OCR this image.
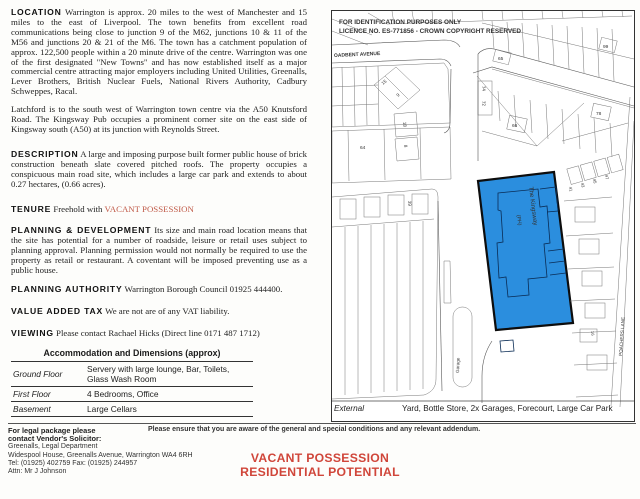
LOCATION Warrington is approx. 20 miles to the west of Manchester and 15 miles to the east of Liverpool. The town benefits from excellent road communications being close to junction 9 of the M62, junctions 10 & 11 of the M56 and junctions 20 & 21 of the M6. The town has a catchment population of approx. 122,500 people within a 20 minute drive of the centre. Warrington was one of the first designated "New Towns" and has now established itself as a major commercial centre attracting major employers including United Utilities, Greenalls, Lever Brothers, British Nuclear Fuels, National Rivers Authority, Cadbury Schweppes, Racal.

Latchford is to the south west of Warrington town centre via the A50 Knutsford Road. The Kingsway Pub occupies a prominent corner site on the east side of Kingsway south (A50) at its junction with Reynolds Street.

DESCRIPTION A large and imposing purpose built former public house of brick construction beneath slate covered pitched roofs. The property occupies a conspicuous main road site, which includes a large car park and extends to about 0.27 hectares, (0.66 acres).

TENURE Freehold with VACANT POSSESSION

PLANNING & DEVELOPMENT Its size and main road location means that the site has potential for a number of roadside, leisure or retail uses subject to planning approval. Planning permission would not normally be required to use the property as retail or restaurant. A coventant will be imposed preventing use as a public house.

PLANNING AUTHORITY Warrington Borough Council 01925 444400.

VALUE ADDED TAX We are not are of any VAT liability.

VIEWING Please contact Rachael Hicks (Direct line 0171 487 1712)

Accommodation and Dimensions (approx)
Ground Floor	Servery with large lounge, Bar, Toilets, Glass Wash Room
First Floor	4 Bedrooms, Office
Basement	Large Cellars
The Kingsway
(PH)
OADBENT AVENUE
POACHERS LANE
Garage
15
9
18
8
64
39
65
99
74
72
66
78
41
43
45
47
16
FOR IDENTIFICATION PURPOSES ONLY
LICENCE NO. ES-771856 - CROWN COPYRIGHT RESERVED
External	Yard, Bottle Store, 2x Garages, Forecourt, Large Car Park
For legal package please
contact Vendor's Solicitor:
Greenalls, Legal Department
Widespool House, Greenalls Avenue, Warrington WA4 6RH
Tel: (01925) 402759 Fax: (01925) 244957
Attn: Mr J Johnson
Please ensure that you are aware of the general and special conditions and any relevant addendum.
VACANT POSSESSION
RESIDENTIAL POTENTIAL
